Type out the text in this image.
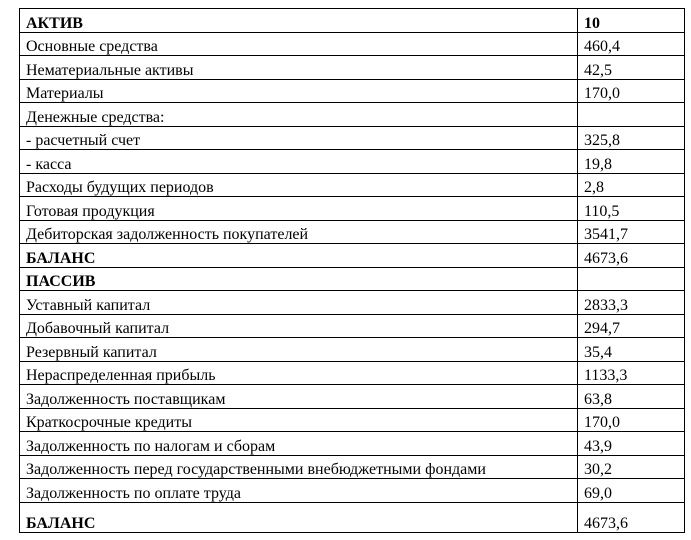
АКТИВ	10
Основные средства	460,4
Нематериальные активы	42,5
Материалы	170,0
Денежные средства:	
- расчетный счет	325,8
- касса	19,8
Расходы будущих периодов	2,8
Готовая продукция	110,5
Дебиторская задолженность покупателей	3541,7
БАЛАНС	4673,6
ПАССИВ	
Уставный капитал	2833,3
Добавочный капитал	294,7
Резервный капитал	35,4
Нераспределенная прибыль	1133,3
Задолженность поставщикам	63,8
Краткосрочные кредиты	170,0
Задолженность по налогам и сборам	43,9
Задолженность перед государственными внебюджетными фондами	30,2
Задолженность по оплате труда	69,0
БАЛАНС	4673,6
